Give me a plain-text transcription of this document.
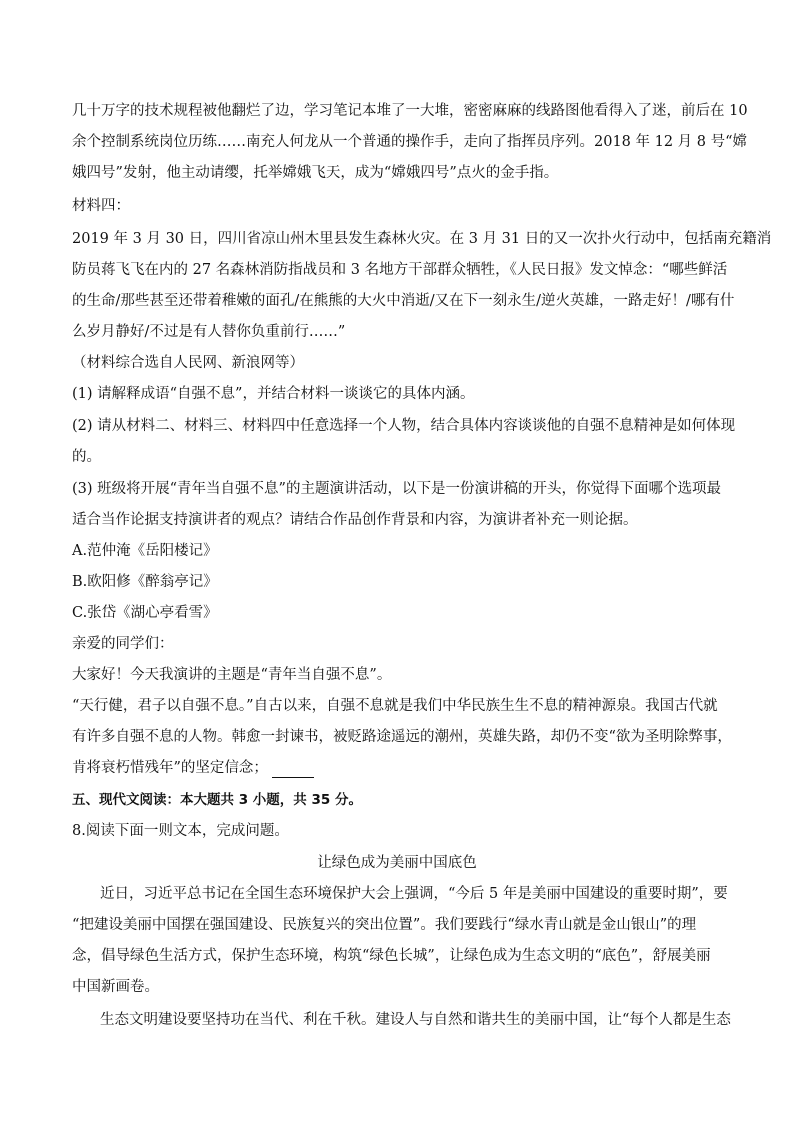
几十万字的技术规程被他翻烂了边，学习笔记本堆了一大堆，密密麻麻的线路图他看得入了迷，前后在 10
余个控制系统岗位历练……南充人何龙从一个普通的操作手，走向了指挥员序列。2018 年 12 月 8 号“嫦
娥四号”发射，他主动请缨，托举嫦娥飞天，成为“嫦娥四号”点火的金手指。
材料四：
2019 年 3 月 30 日，四川省凉山州木里县发生森林火灾。在 3 月 31 日的又一次扑火行动中，包括南充籍消
防员蒋飞飞在内的 27 名森林消防指战员和 3 名地方干部群众牺牲，《人民日报》发文悼念：“哪些鲜活
的生命/那些甚至还带着稚嫩的面孔/在熊熊的大火中消逝/又在下一刻永生/逆火英雄，一路走好！/哪有什
么岁月静好/不过是有人替你负重前行……”
（材料综合选自人民网、新浪网等）
(1) 请解释成语“自强不息”，并结合材料一谈谈它的具体内涵。
(2) 请从材料二、材料三、材料四中任意选择一个人物，结合具体内容谈谈他的自强不息精神是如何体现
的。
(3) 班级将开展“青年当自强不息”的主题演讲活动，以下是一份演讲稿的开头，你觉得下面哪个选项最
适合当作论据支持演讲者的观点？请结合作品创作背景和内容，为演讲者补充一则论据。
A.范仲淹《岳阳楼记》
B.欧阳修《醉翁亭记》
C.张岱《湖心亭看雪》
亲爱的同学们：
大家好！今天我演讲的主题是“青年当自强不息”。
“天行健，君子以自强不息。”自古以来，自强不息就是我们中华民族生生不息的精神源泉。我国古代就
有许多自强不息的人物。韩愈一封谏书，被贬路途遥远的潮州，英雄失路，却仍不变“欲为圣明除弊事，
肯将衰朽惜残年”的坚定信念；
五、现代文阅读：本大题共 3 小题，共 35 分。
8.阅读下面一则文本，完成问题。
让绿色成为美丽中国底色
近日，习近平总书记在全国生态环境保护大会上强调，“今后 5 年是美丽中国建设的重要时期”，要
“把建设美丽中国摆在强国建设、民族复兴的突出位置”。我们要践行“绿水青山就是金山银山”的理
念，倡导绿色生活方式，保护生态环境，构筑“绿色长城”，让绿色成为生态文明的“底色”，舒展美丽
中国新画卷。
生态文明建设要坚持功在当代、利在千秋。建设人与自然和谐共生的美丽中国，让“每个人都是生态
